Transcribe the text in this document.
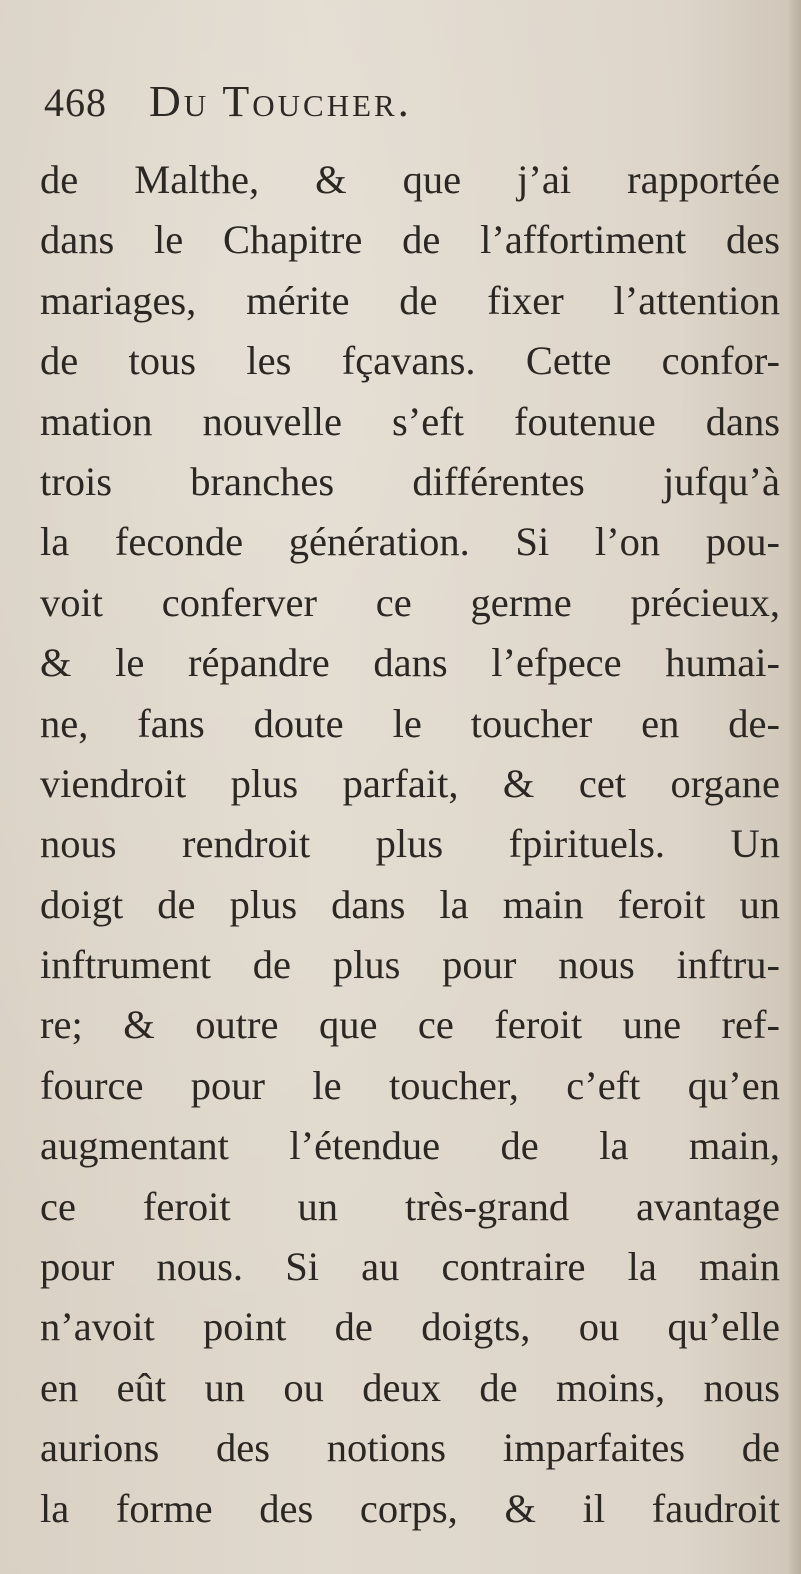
468 Du Toucher.
de Malthe, & que j’ai rapportée
dans le Chapitre de l’affortiment des
mariages, mérite de fixer l’attention
de tous les fçavans. Cette confor-
mation nouvelle s’eft foutenue dans
trois branches différentes jufqu’à
la feconde génération. Si l’on pou-
voit conferver ce germe précieux,
& le répandre dans l’efpece humai-
ne, fans doute le toucher en de-
viendroit plus parfait, & cet organe
nous rendroit plus fpirituels. Un
doigt de plus dans la main feroit un
inftrument de plus pour nous inftru-
re; & outre que ce feroit une ref-
fource pour le toucher, c’eft qu’en
augmentant l’étendue de la main,
ce feroit un très-grand avantage
pour nous. Si au contraire la main
n’avoit point de doigts, ou qu’elle
en eût un ou deux de moins, nous
aurions des notions imparfaites de
la forme des corps, & il faudroit
